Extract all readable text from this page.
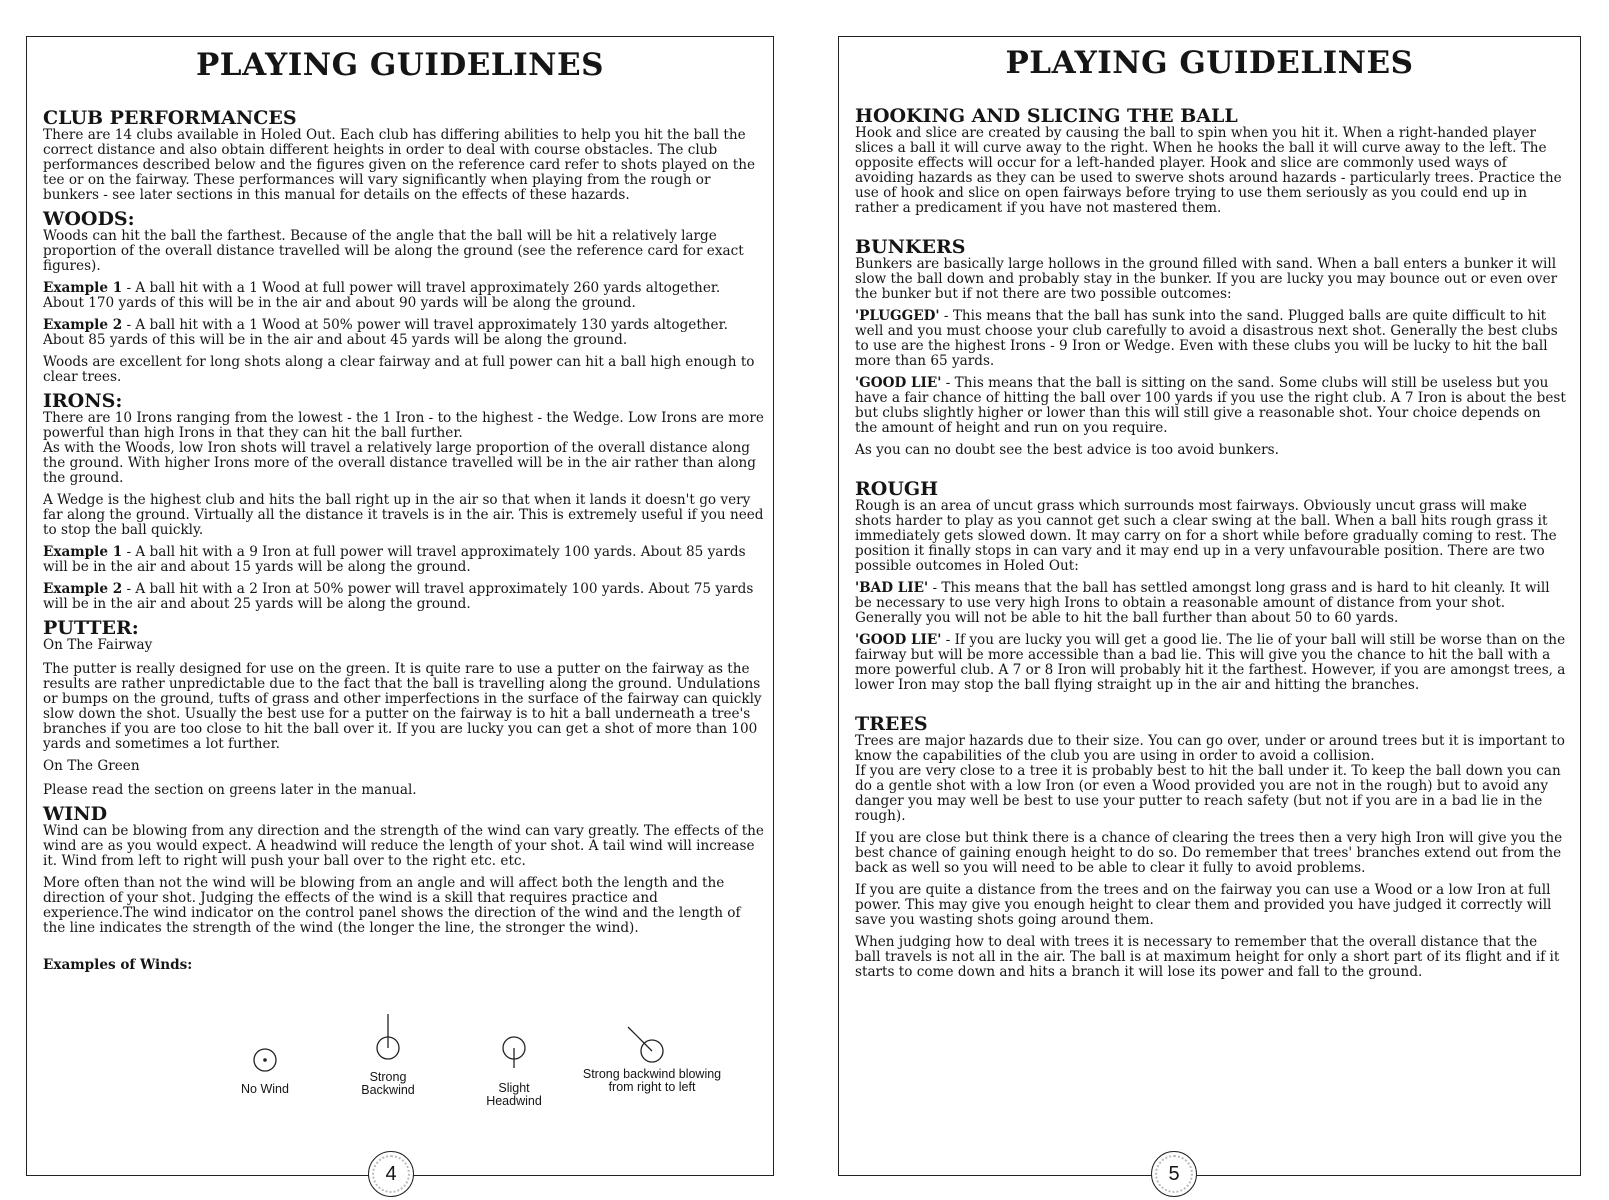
PLAYING GUIDELINES
CLUB PERFORMANCES

There are 14 clubs available in Holed Out. Each club has differing abilities to help you hit the ball the correct distance and also obtain different heights in order to deal with course obstacles. The club performances described below and the figures given on the reference card refer to shots played on the tee or on the fairway. These performances will vary significantly when playing from the rough or bunkers - see later sections in this manual for details on the effects of these hazards.

WOODS:

Woods can hit the ball the farthest. Because of the angle that the ball will be hit a relatively large proportion of the overall distance travelled will be along the ground (see the reference card for exact figures).

Example 1 - A ball hit with a 1 Wood at full power will travel approximately 260 yards altogether. About 170 yards of this will be in the air and about 90 yards will be along the ground.

Example 2 - A ball hit with a 1 Wood at 50% power will travel approximately 130 yards altogether. About 85 yards of this will be in the air and about 45 yards will be along the ground.

Woods are excellent for long shots along a clear fairway and at full power can hit a ball high enough to clear trees.

IRONS:

There are 10 Irons ranging from the lowest - the 1 Iron - to the highest - the Wedge. Low Irons are more powerful than high Irons in that they can hit the ball further.

As with the Woods, low Iron shots will travel a relatively large proportion of the overall distance along the ground. With higher Irons more of the overall distance travelled will be in the air rather than along the ground.

A Wedge is the highest club and hits the ball right up in the air so that when it lands it doesn't go very far along the ground. Virtually all the distance it travels is in the air. This is extremely useful if you need to stop the ball quickly.

Example 1 - A ball hit with a 9 Iron at full power will travel approximately 100 yards. About 85 yards will be in the air and about 15 yards will be along the ground.

Example 2 - A ball hit with a 2 Iron at 50% power will travel approximately 100 yards. About 75 yards will be in the air and about 25 yards will be along the ground.

PUTTER:

On The Fairway

The putter is really designed for use on the green. It is quite rare to use a putter on the fairway as the results are rather unpredictable due to the fact that the ball is travelling along the ground. Undulations or bumps on the ground, tufts of grass and other imperfections in the surface of the fairway can quickly slow down the shot. Usually the best use for a putter on the fairway is to hit a ball underneath a tree's branches if you are too close to hit the ball over it. If you are lucky you can get a shot of more than 100 yards and sometimes a lot further.

On The Green

Please read the section on greens later in the manual.

WIND

Wind can be blowing from any direction and the strength of the wind can vary greatly. The effects of the wind are as you would expect. A headwind will reduce the length of your shot. A tail wind will increase it. Wind from left to right will push your ball over to the right etc. etc.

More often than not the wind will be blowing from an angle and will affect both the length and the direction of your shot. Judging the effects of the wind is a skill that requires practice and experience.The wind indicator on the control panel shows the direction of the wind and the length of the line indicates the strength of the wind (the longer the line, the stronger the wind).

Examples of Winds:

No Wind
Strong
Backwind	Slight
Headwind
Strong backwind blowing
from right to left
4
PLAYING GUIDELINES
HOOKING AND SLICING THE BALL

Hook and slice are created by causing the ball to spin when you hit it. When a right-handed player slices a ball it will curve away to the right. When he hooks the ball it will curve away to the left. The opposite effects will occur for a left-handed player. Hook and slice are commonly used ways of avoiding hazards as they can be used to swerve shots around hazards - particularly trees. Practice the use of hook and slice on open fairways before trying to use them seriously as you could end up in rather a predicament if you have not mastered them.

BUNKERS

Bunkers are basically large hollows in the ground filled with sand. When a ball enters a bunker it will slow the ball down and probably stay in the bunker. If you are lucky you may bounce out or even over the bunker but if not there are two possible outcomes:

'PLUGGED' - This means that the ball has sunk into the sand. Plugged balls are quite difficult to hit well and you must choose your club carefully to avoid a disastrous next shot. Generally the best clubs to use are the highest Irons - 9 Iron or Wedge. Even with these clubs you will be lucky to hit the ball more than 65 yards.

'GOOD LIE' - This means that the ball is sitting on the sand. Some clubs will still be useless but you have a fair chance of hitting the ball over 100 yards if you use the right club. A 7 Iron is about the best but clubs slightly higher or lower than this will still give a reasonable shot. Your choice depends on the amount of height and run on you require.

As you can no doubt see the best advice is too avoid bunkers.

ROUGH

Rough is an area of uncut grass which surrounds most fairways. Obviously uncut grass will make shots harder to play as you cannot get such a clear swing at the ball. When a ball hits rough grass it immediately gets slowed down. It may carry on for a short while before gradually coming to rest. The position it finally stops in can vary and it may end up in a very unfavourable position. There are two possible outcomes in Holed Out:

'BAD LIE' - This means that the ball has settled amongst long grass and is hard to hit cleanly. It will be necessary to use very high Irons to obtain a reasonable amount of distance from your shot. Generally you will not be able to hit the ball further than about 50 to 60 yards.

'GOOD LIE' - If you are lucky you will get a good lie. The lie of your ball will still be worse than on the fairway but will be more accessible than a bad lie. This will give you the chance to hit the ball with a more powerful club. A 7 or 8 Iron will probably hit it the farthest. However, if you are amongst trees, a lower Iron may stop the ball flying straight up in the air and hitting the branches.

TREES

Trees are major hazards due to their size. You can go over, under or around trees but it is important to know the capabilities of the club you are using in order to avoid a collision.

If you are very close to a tree it is probably best to hit the ball under it. To keep the ball down you can do a gentle shot with a low Iron (or even a Wood provided you are not in the rough) but to avoid any danger you may well be best to use your putter to reach safety (but not if you are in a bad lie in the rough).

If you are close but think there is a chance of clearing the trees then a very high Iron will give you the best chance of gaining enough height to do so. Do remember that trees' branches extend out from the back as well so you will need to be able to clear it fully to avoid problems.

If you are quite a distance from the trees and on the fairway you can use a Wood or a low Iron at full power. This may give you enough height to clear them and provided you have judged it correctly will save you wasting shots going around them.

When judging how to deal with trees it is necessary to remember that the overall distance that the ball travels is not all in the air. The ball is at maximum height for only a short part of its flight and if it starts to come down and hits a branch it will lose its power and fall to the ground.

5
